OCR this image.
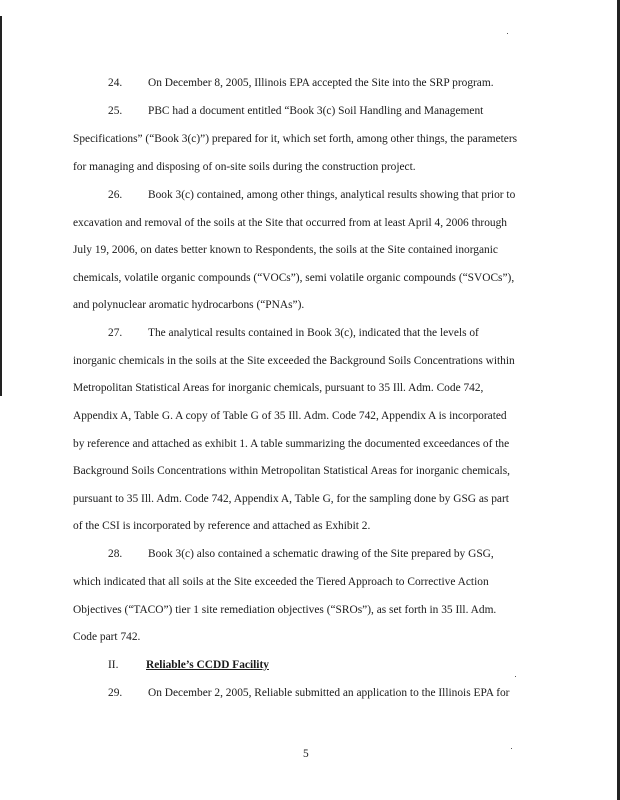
24. On December 8, 2005, Illinois EPA accepted the Site into the SRP program.
25. PBC had a document entitled “Book 3(c) Soil Handling and Management
Specifications” (“Book 3(c)”) prepared for it, which set forth, among other things, the parameters
for managing and disposing of on-site soils during the construction project.
26. Book 3(c) contained, among other things, analytical results showing that prior to
excavation and removal of the soils at the Site that occurred from at least April 4, 2006 through
July 19, 2006, on dates better known to Respondents, the soils at the Site contained inorganic
chemicals, volatile organic compounds (“VOCs”), semi volatile organic compounds (“SVOCs”),
and polynuclear aromatic hydrocarbons (“PNAs”).
27. The analytical results contained in Book 3(c), indicated that the levels of
inorganic chemicals in the soils at the Site exceeded the Background Soils Concentrations within
Metropolitan Statistical Areas for inorganic chemicals, pursuant to 35 Ill. Adm. Code 742,
Appendix A, Table G. A copy of Table G of 35 Ill. Adm. Code 742, Appendix A is incorporated
by reference and attached as exhibit 1. A table summarizing the documented exceedances of the
Background Soils Concentrations within Metropolitan Statistical Areas for inorganic chemicals,
pursuant to 35 Ill. Adm. Code 742, Appendix A, Table G, for the sampling done by GSG as part
of the CSI is incorporated by reference and attached as Exhibit 2.
28. Book 3(c) also contained a schematic drawing of the Site prepared by GSG,
which indicated that all soils at the Site exceeded the Tiered Approach to Corrective Action
Objectives (“TACO”) tier 1 site remediation objectives (“SROs”), as set forth in 35 Ill. Adm.
Code part 742.
II. Reliable’s CCDD Facility
29. On December 2, 2005, Reliable submitted an application to the Illinois EPA for
5
